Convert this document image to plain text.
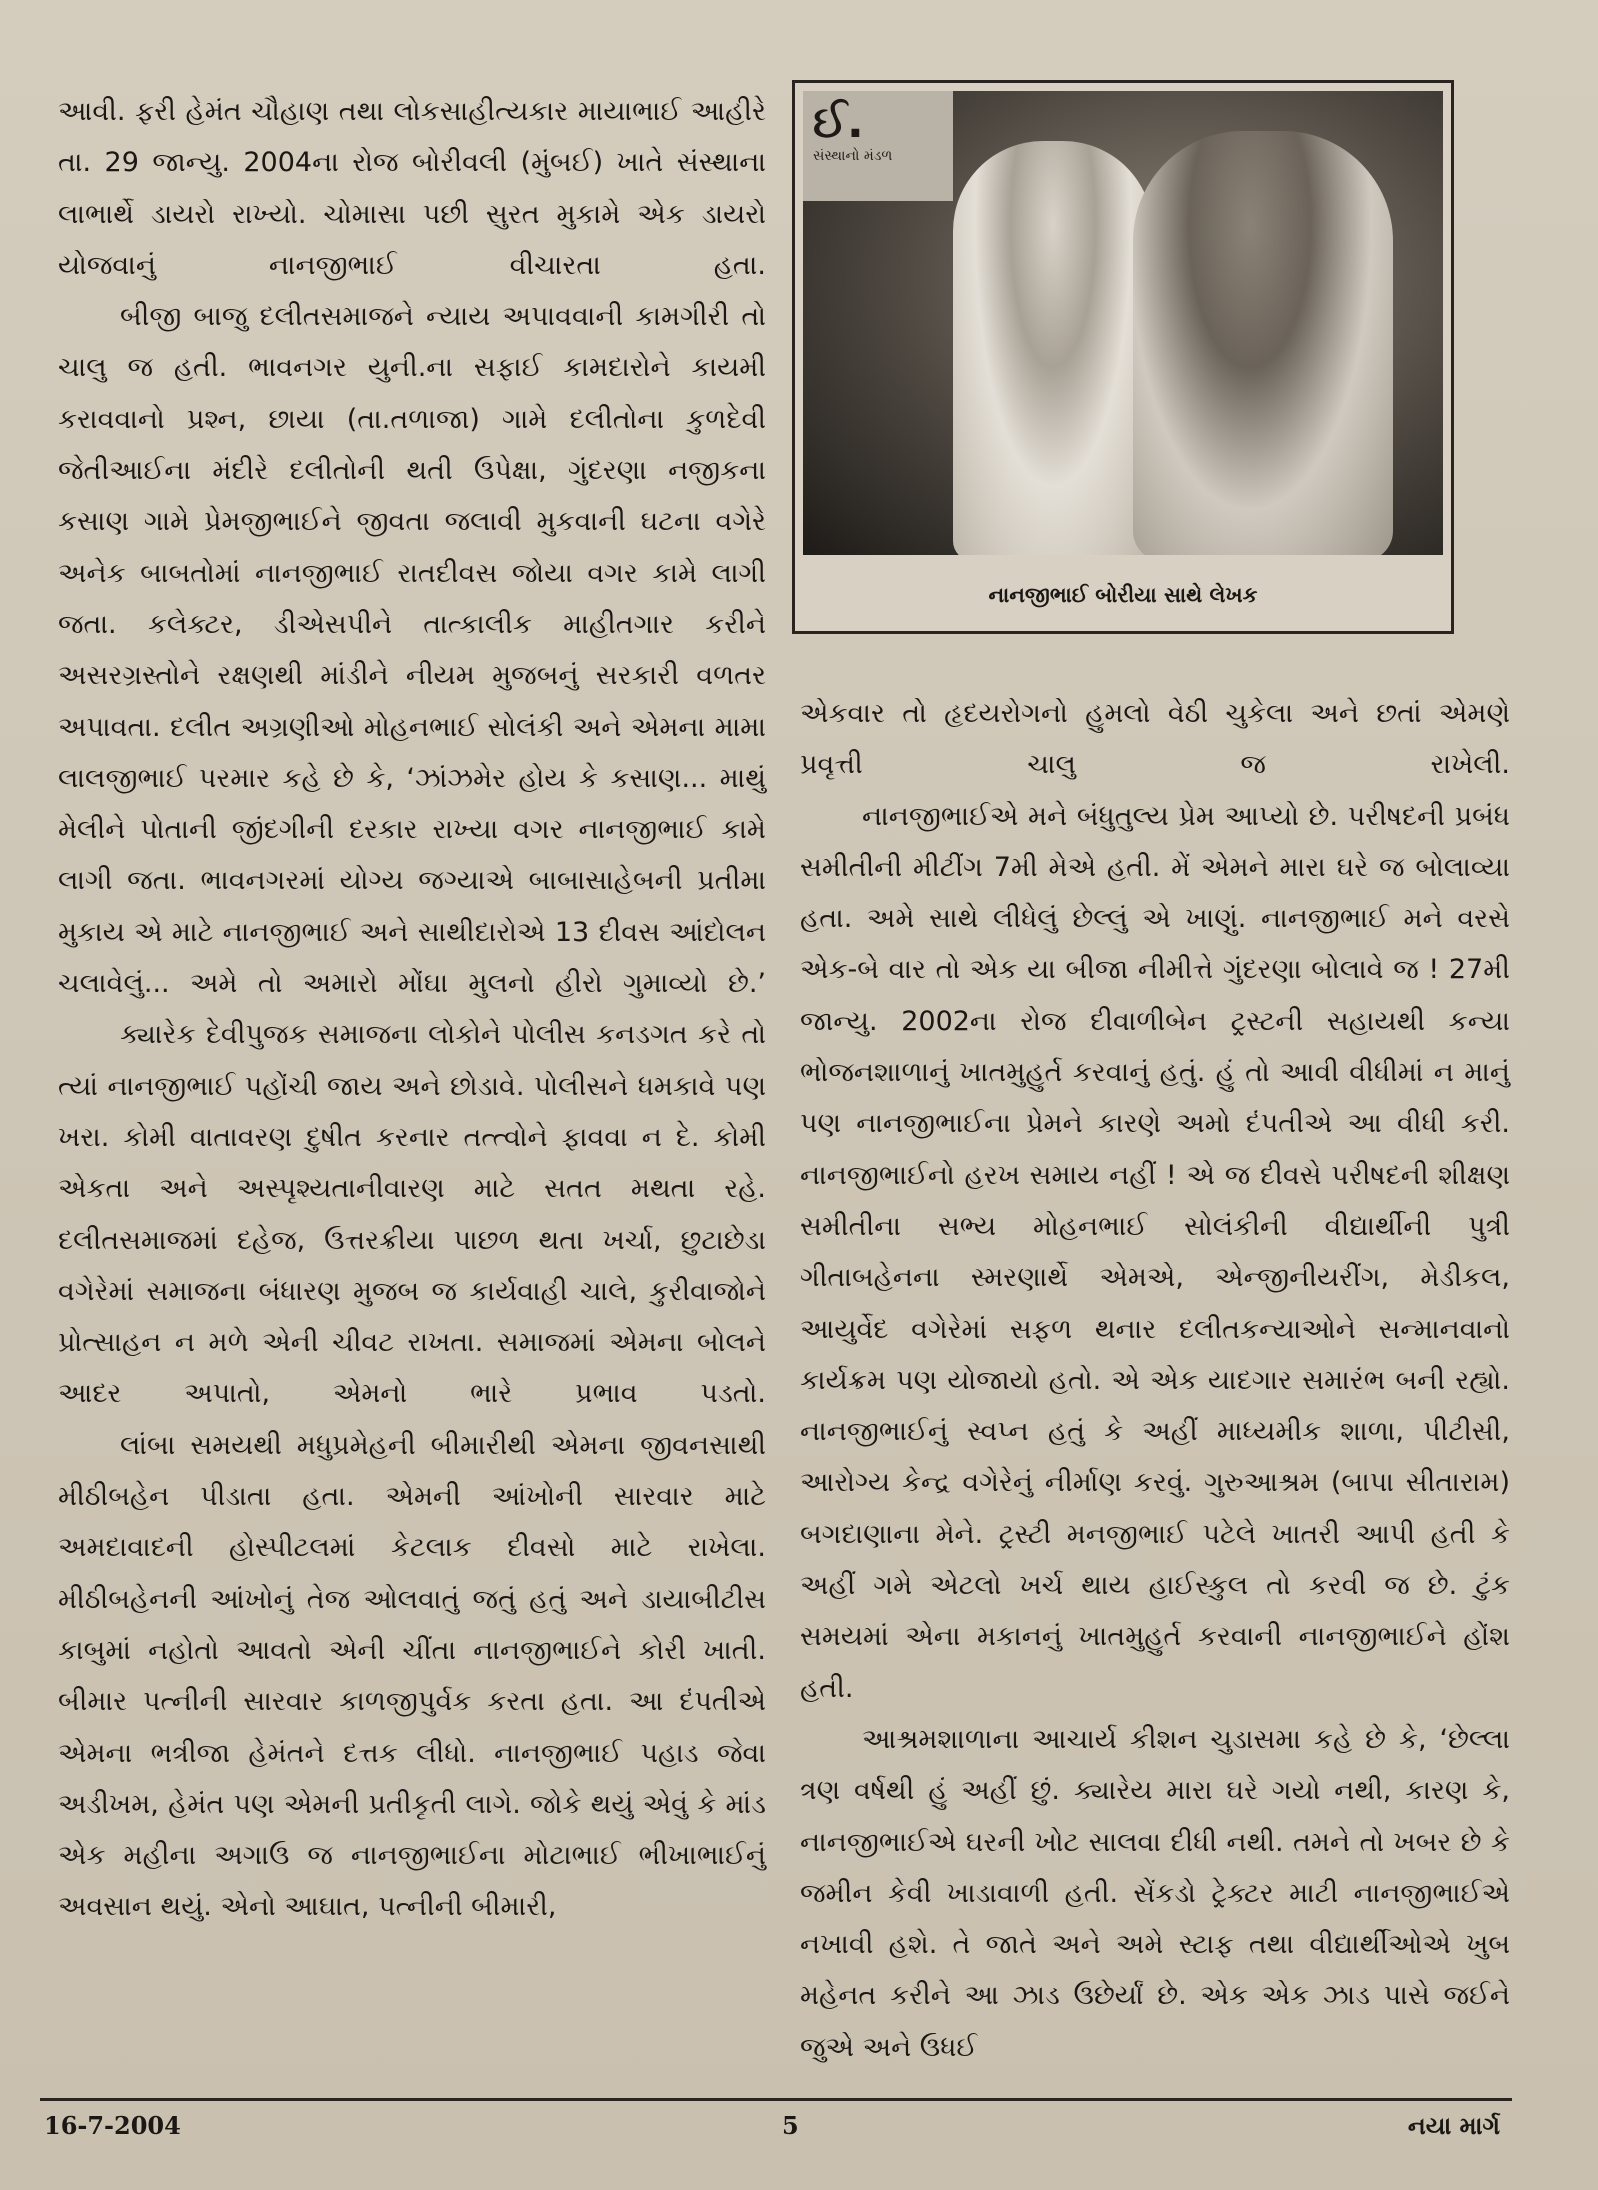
આવી. ફરી હેમંત ચૌહાણ તથા લોકસાહીત્યકાર માયાભાઈ આહીરે તા. 29 જાન્યુ. 2004ના રોજ બોરીવલી (મુંબઈ) ખાતે સંસ્થાના લાભાર્થે ડાયરો રાખ્યો. ચોમાસા પછી સુરત મુકામે એક ડાયરો યોજવાનું નાનજીભાઈ વીચારતા હતા.

બીજી બાજુ દલીતસમાજને ન્યાય અપાવવાની કામગીરી તો ચાલુ જ હતી. ભાવનગર યુની.ના સફાઈ કામદારોને કાયમી કરાવવાનો પ્રશ્ન, છાયા (તા.તળાજા) ગામે દલીતોના કુળદેવી જેતીઆઈના મંદીરે દલીતોની થતી ઉપેક્ષા, ગુંદરણા નજીકના કસાણ ગામે પ્રેમજીભાઈને જીવતા જલાવી મુકવાની ઘટના વગેરે અનેક બાબતોમાં નાનજીભાઈ રાતદીવસ જોયા વગર કામે લાગી જતા. કલેક્ટર, ડીએસપીને તાત્કાલીક માહીતગાર કરીને અસરગ્રસ્તોને રક્ષણથી માંડીને નીયમ મુજબનું સરકારી વળતર અપાવતા. દલીત અગ્રણીઓ મોહનભાઈ સોલંકી અને એમના મામા લાલજીભાઈ પરમાર કહે છે કે, ‘ઝાંઝમેર હોય કે કસાણ... માથું મેલીને પોતાની જીંદગીની દરકાર રાખ્યા વગર નાનજીભાઈ કામે લાગી જતા. ભાવનગરમાં યોગ્ય જગ્યાએ બાબાસાહેબની પ્રતીમા મુકાય એ માટે નાનજીભાઈ અને સાથીદારોએ 13 દીવસ આંદોલન ચલાવેલું... અમે તો અમારો મોંઘા મુલનો હીરો ગુમાવ્યો છે.’

ક્યારેક દેવીપુજક સમાજના લોકોને પોલીસ કનડગત કરે તો ત્યાં નાનજીભાઈ પહોંચી જાય અને છોડાવે. પોલીસને ધમકાવે પણ ખરા. કોમી વાતાવરણ દુષીત કરનાર તત્ત્વોને ફાવવા ન દે. કોમી એકતા અને અસ્પૃશ્યતાનીવારણ માટે સતત મથતા રહે. દલીતસમાજમાં દહેજ, ઉત્તરક્રીયા પાછળ થતા ખર્ચા, છુટાછેડા વગેરેમાં સમાજના બંધારણ મુજબ જ કાર્યવાહી ચાલે, કુરીવાજોને પ્રોત્સાહન ન મળે એની ચીવટ રાખતા. સમાજમાં એમના બોલને આદર અપાતો, એમનો ભારે પ્રભાવ પડતો.

લાંબા સમયથી મધુપ્રમેહની બીમારીથી એમના જીવનસાથી મીઠીબહેન પીડાતા હતા. એમની આંખોની સારવાર માટે અમદાવાદની હોસ્પીટલમાં કેટલાક દીવસો માટે રાખેલા. મીઠીબહેનની આંખોનું તેજ ઓલવાતું જતું હતું અને ડાયાબીટીસ કાબુમાં નહોતો આવતો એની ચીંતા નાનજીભાઈને કોરી ખાતી. બીમાર પત્નીની સારવાર કાળજીપુર્વક કરતા હતા. આ દંપતીએ એમના ભત્રીજા હેમંતને દત્તક લીધો. નાનજીભાઈ પહાડ જેવા અડીખમ, હેમંત પણ એમની પ્રતીકૃતી લાગે. જોકે થયું એવું કે માંડ એક મહીના અગાઉ જ નાનજીભાઈના મોટાભાઈ ભીખાભાઈનું અવસાન થયું. એનો આઘાત, પત્નીની બીમારી,

ઈ.
સંસ્થાનો મંડળ
નાનજીભાઈ બોરીયા સાથે લેખક

એકવાર તો હૃદયરોગનો હુમલો વેઠી ચુકેલા અને છતાં એમણે પ્રવૃત્તી ચાલુ જ રાખેલી.

નાનજીભાઈએ મને બંધુતુલ્ય પ્રેમ આપ્યો છે. પરીષદની પ્રબંધ સમીતીની મીટીંગ 7મી મેએ હતી. મેં એમને મારા ઘરે જ બોલાવ્યા હતા. અમે સાથે લીધેલું છેલ્લું એ ખાણું. નાનજીભાઈ મને વરસે એક-બે વાર તો એક યા બીજા નીમીત્તે ગુંદરણા બોલાવે જ ! 27મી જાન્યુ. 2002ના રોજ દીવાળીબેન ટ્રસ્ટની સહાયથી કન્યા ભોજનશાળાનું ખાતમુહુર્ત કરવાનું હતું. હું તો આવી વીધીમાં ન માનું પણ નાનજીભાઈના પ્રેમને કારણે અમો દંપતીએ આ વીધી કરી. નાનજીભાઈનો હરખ સમાય નહીં ! એ જ દીવસે પરીષદની શીક્ષણ સમીતીના સભ્ય મોહનભાઈ સોલંકીની વીદ્યાર્થીની પુત્રી ગીતાબહેનના સ્મરણાર્થે એમએ, એન્જીનીયરીંગ, મેડીકલ, આયુર્વેદ વગેરેમાં સફળ થનાર દલીતકન્યાઓને સન્માનવાનો કાર્યક્રમ પણ યોજાયો હતો. એ એક યાદગાર સમારંભ બની રહ્યો. નાનજીભાઈનું સ્વપ્ન હતું કે અહીં માધ્યમીક શાળા, પીટીસી, આરોગ્ય કેન્દ્ર વગેરેનું નીર્માણ કરવું. ગુરુઆશ્રમ (બાપા સીતારામ) બગદાણાના મેને. ટ્રસ્ટી મનજીભાઈ પટેલે ખાતરી આપી હતી કે અહીં ગમે એટલો ખર્ચ થાય હાઈસ્કુલ તો કરવી જ છે. ટુંક સમયમાં એના મકાનનું ખાતમુહુર્ત કરવાની નાનજીભાઈને હોંશ હતી.

આશ્રમશાળાના આચાર્ય કીશન ચુડાસમા કહે છે કે, ‘છેલ્લા ત્રણ વર્ષથી હું અહીં છું. ક્યારેય મારા ઘરે ગયો નથી, કારણ કે, નાનજીભાઈએ ઘરની ખોટ સાલવા દીધી નથી. તમને તો ખબર છે કે જમીન કેવી ખાડાવાળી હતી. સેંકડો ટ્રેક્ટર માટી નાનજીભાઈએ નખાવી હશે. તે જાતે અને અમે સ્ટાફ તથા વીદ્યાર્થીઓએ ખુબ મહેનત કરીને આ ઝાડ ઉછેર્યાં છે. એક એક ઝાડ પાસે જઈને જુએ અને ઉધઈ

16-7-2004	5	નયા માર્ગ
